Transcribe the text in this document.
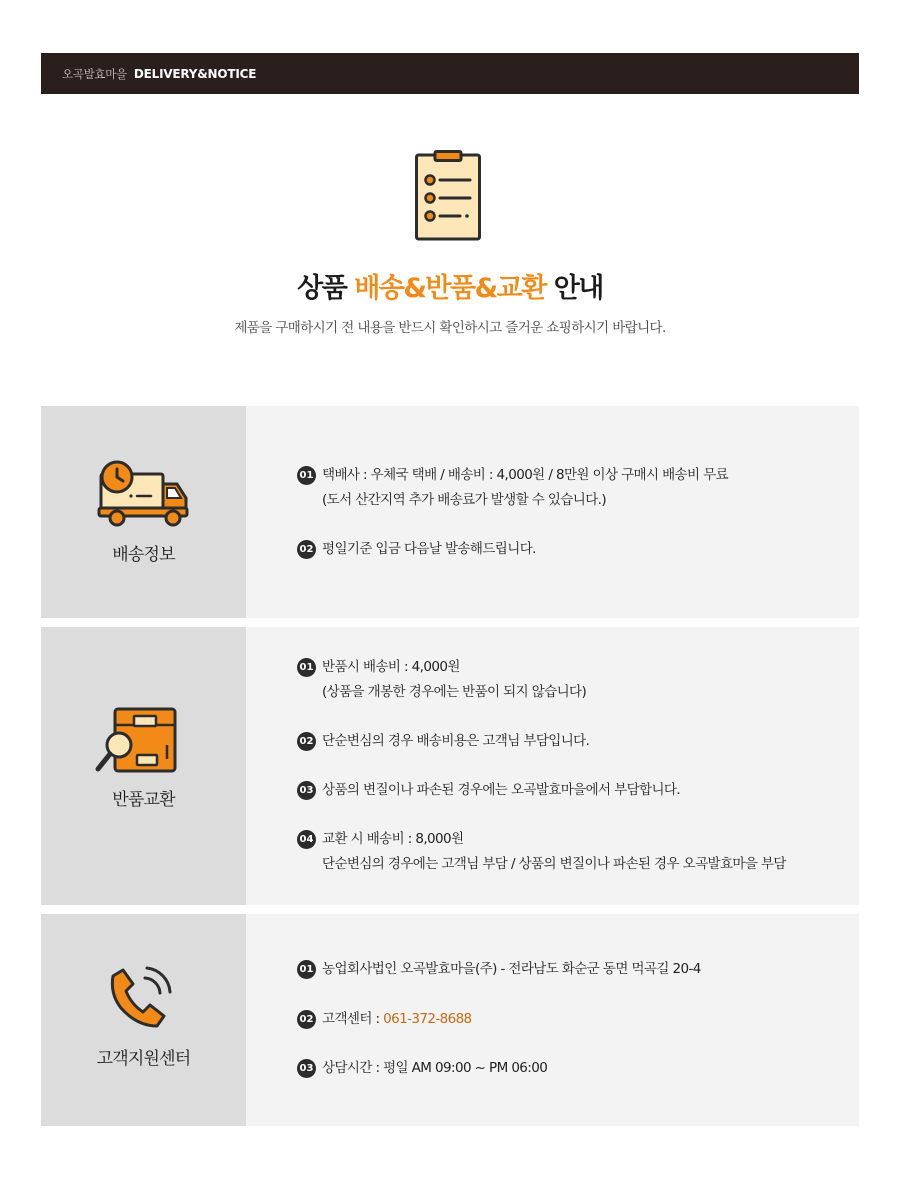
오곡발효마을 DELIVERY&NOTICE
상품 배송&반품&교환 안내
제품을 구매하시기 전 내용을 반드시 확인하시고 즐거운 쇼핑하시기 바랍니다.
배송정보
01 택배사 : 우체국 택배 / 배송비 : 4,000원 / 8만원 이상 구매시 배송비 무료
(도서 산간지역 추가 배송료가 발생할 수 있습니다.)
02 평일기준 입금 다음날 발송해드립니다.
반품교환
01 반품시 배송비 : 4,000원
(상품을 개봉한 경우에는 반품이 되지 않습니다)
02 단순변심의 경우 배송비용은 고객님 부담입니다.
03 상품의 변질이나 파손된 경우에는 오곡발효마을에서 부담합니다.
04 교환 시 배송비 : 8,000원
단순변심의 경우에는 고객님 부담 / 상품의 변질이나 파손된 경우 오곡발효마을 부담
고객지원센터
01 농업회사법인 오곡발효마을(주) - 전라남도 화순군 동면 먹곡길 20-4
02 고객센터 : 061-372-8688
03 상담시간 : 평일 AM 09:00 ~ PM 06:00
